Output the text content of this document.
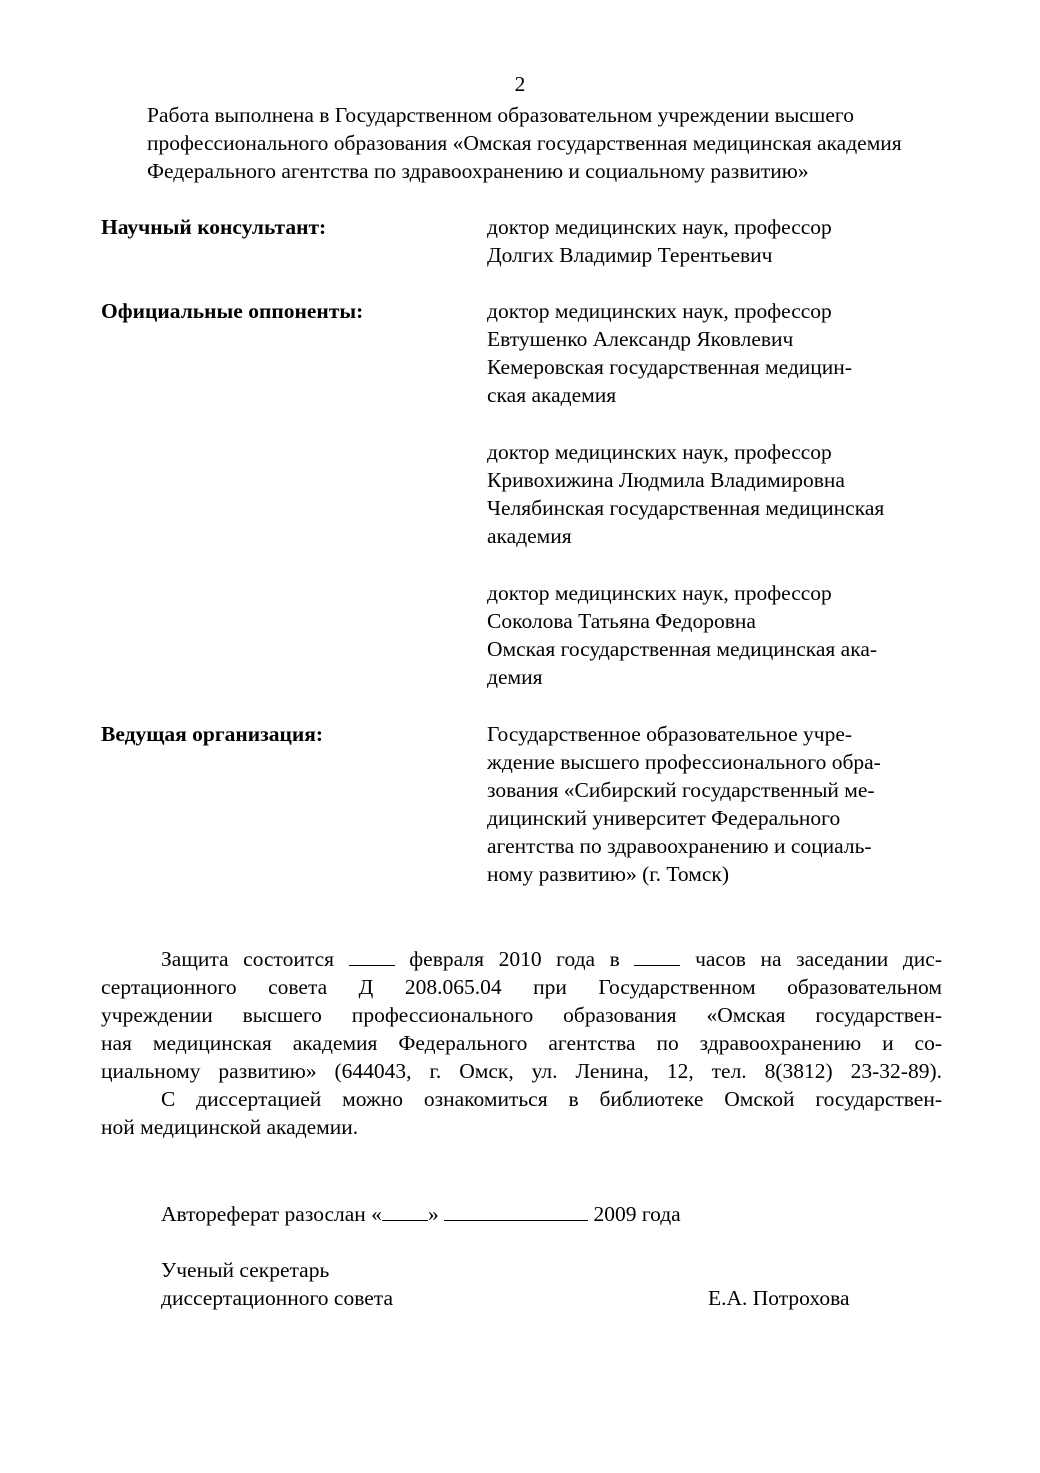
2
Работа выполнена в Государственном образовательном учреждении высшего
профессионального образования «Омская государственная медицинская академия
Федерального агентства по здравоохранению и социальному развитию»
Научный консультант:	доктор медицинских наук, профессор
Долгих Владимир Терентьевич
Официальные оппоненты:	доктор медицинских наук, профессор
Евтушенко Александр Яковлевич
Кемеровская государственная медицин-
ская академия
доктор медицинских наук, профессор
Кривохижина Людмила Владимировна
Челябинская государственная медицинская
академия
доктор медицинских наук, профессор
Соколова Татьяна Федоровна
Омская государственная медицинская ака-
демия
Ведущая организация:	Государственное образовательное учре-
ждение высшего профессионального обра-
зования «Сибирский государственный ме-
дицинский университет Федерального
агентства по здравоохранению и социаль-
ному развитию» (г. Томск)
Защита состоится	февраля 2010 года в	часов на заседании дис-
сертационного совета Д 208.065.04 при Государственном образовательном
учреждении высшего профессионального образования «Омская государствен-
ная медицинская академия Федерального агентства по здравоохранению и со-
циальному развитию» (644043, г. Омск, ул. Ленина, 12, тел. 8(3812) 23-32-89).
С диссертацией можно ознакомиться в библиотеке Омской государствен-
ной медицинской академии.
Автореферат разослан « »	2009 года
Ученый секретарь
диссертационного совета	Е.А. Потрохова
